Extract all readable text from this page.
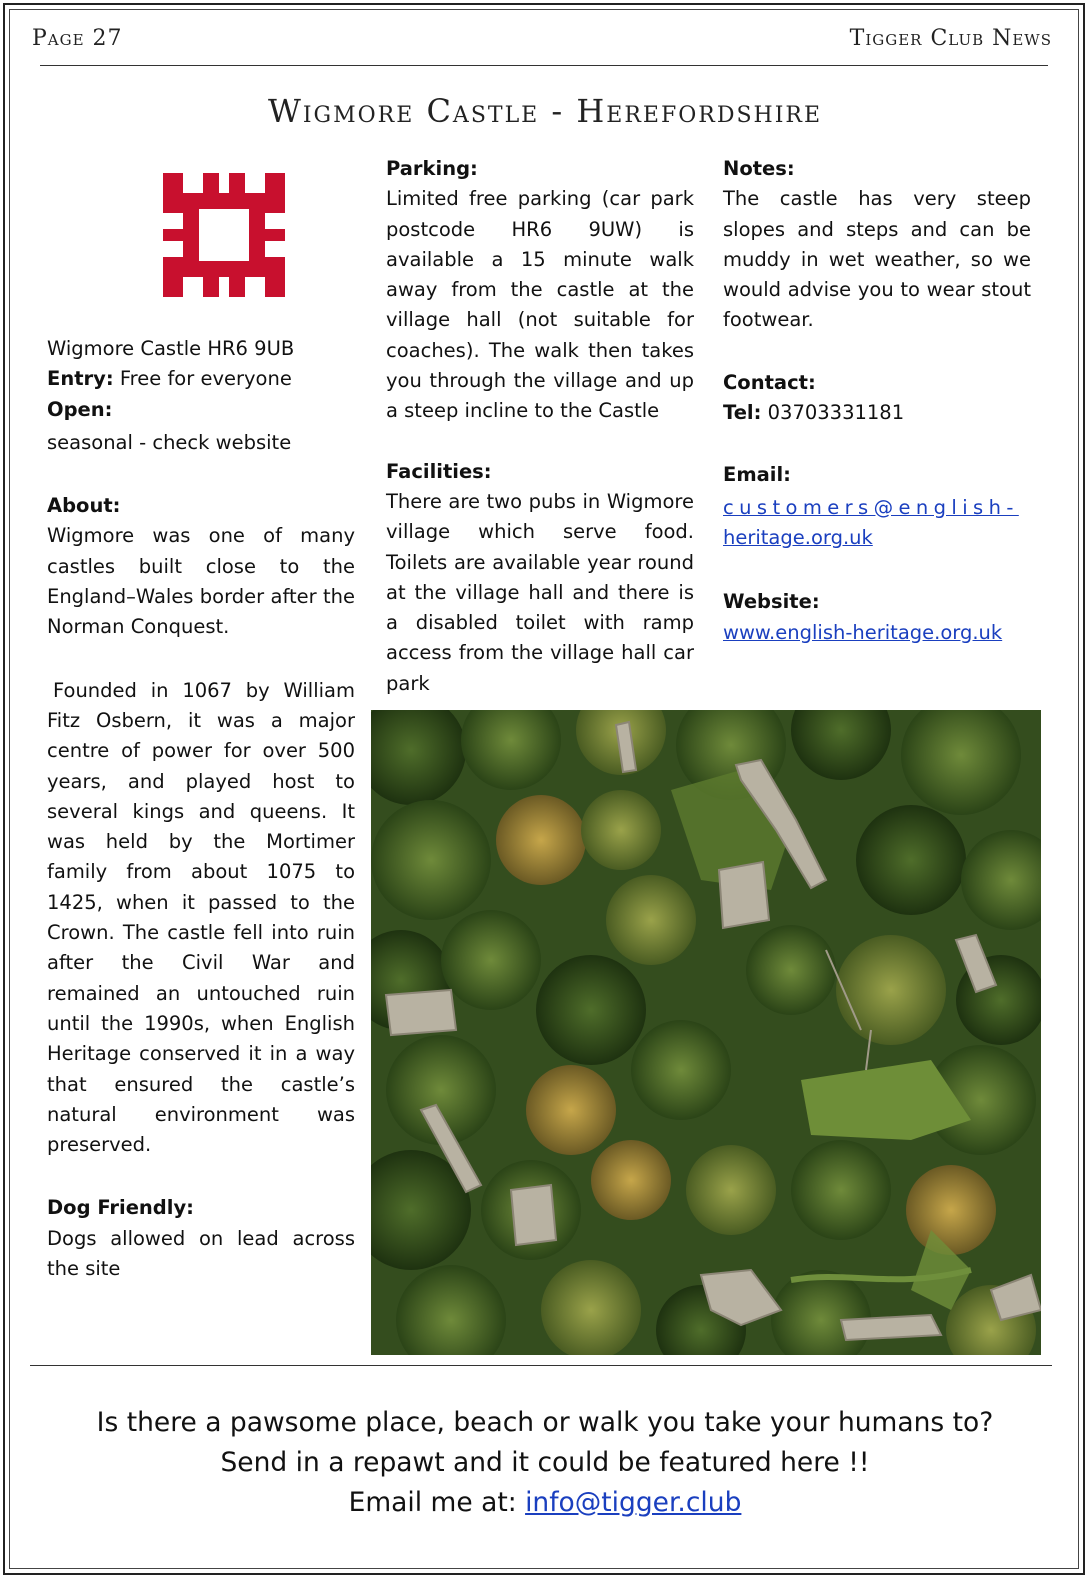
Page 27	Tigger Club News
Wigmore Castle - Herefordshire

Wigmore Castle HR6 9UB

Entry: Free for everyone

Open:

seasonal - check website

About:

Wigmore was one of many castles built close to the England–Wales border after the Norman Conquest.

Founded in 1067 by William Fitz Osbern, it was a major centre of power for over 500 years, and played host to several kings and queens. It was held by the Mortimer family from about 1075 to 1425, when it passed to the Crown. The castle fell into ruin after the Civil War and remained an untouched ruin until the 1990s, when English Heritage conserved it in a way that ensured the castle’s natural environment was preserved.

Dog Friendly:

Dogs allowed on lead across the site

Parking:

Limited free parking (car park postcode HR6 9UW) is available a 15 minute walk away from the castle at the village hall (not suitable for coaches). The walk then takes you through the village and up a steep incline to the Castle

Facilities:

There are two pubs in Wigmore village which serve food. Toilets are available year round at the village hall and there is a disabled toilet with ramp access from the village hall car park

Notes:

The castle has very steep slopes and steps and can be muddy in wet weather, so we would advise you to wear stout footwear.

Contact:

Tel: 03703331181

Email:

customers@english-

heritage.org.uk

Website:

www.english-heritage.org.uk

Is there a pawsome place, beach or walk you take your humans to?

Send in a repawt and it could be featured here !!

Email me at: info@tigger.club
